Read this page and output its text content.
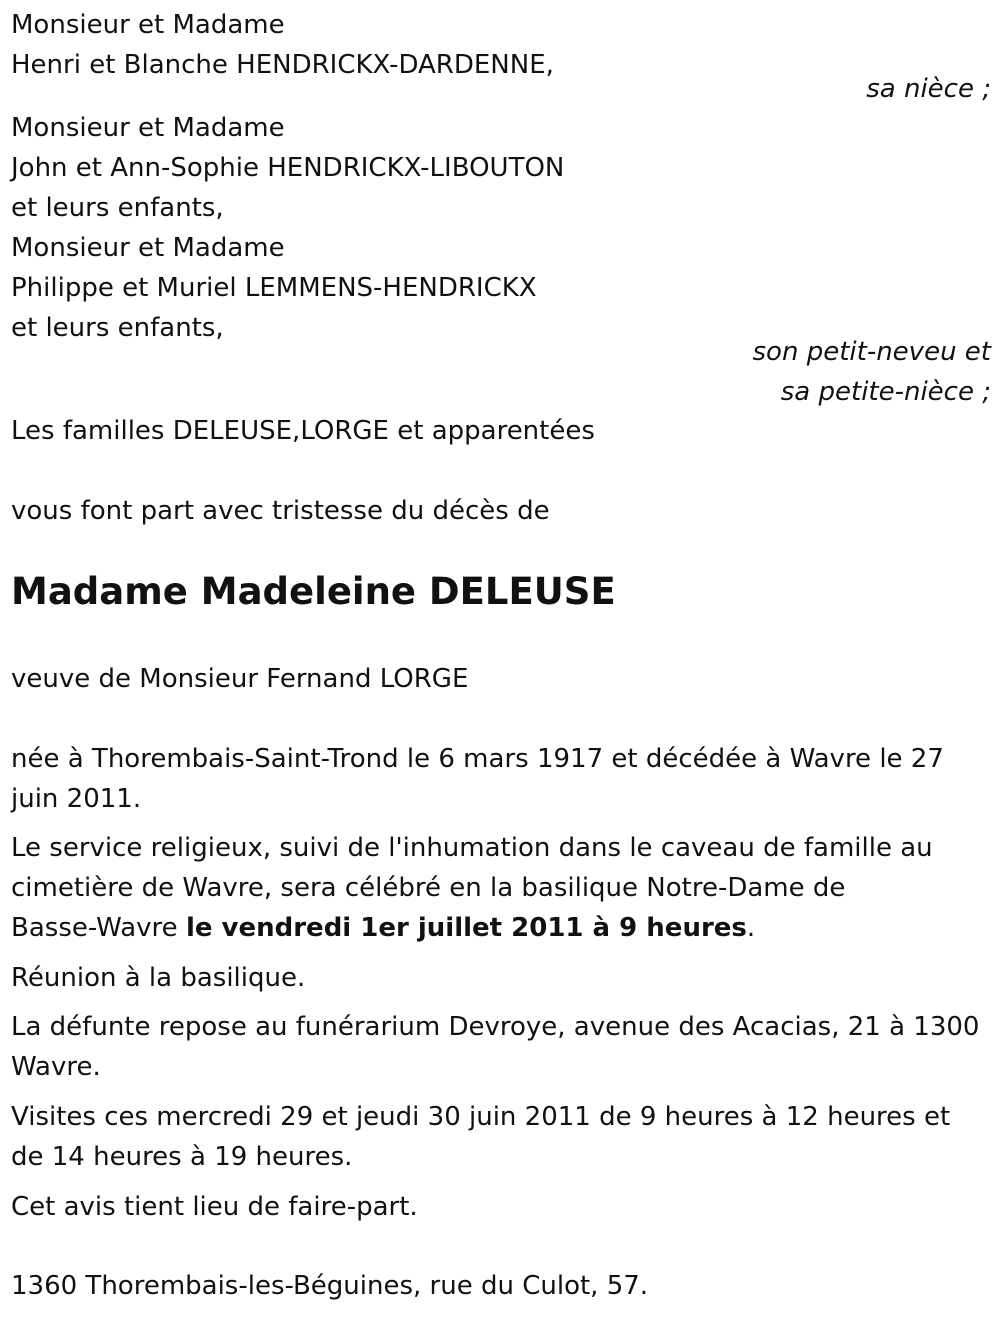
Monsieur et Madame
Henri et Blanche HENDRICKX-DARDENNE,
sa nièce ;
Monsieur et Madame
John et Ann-Sophie HENDRICKX-LIBOUTON
et leurs enfants,
Monsieur et Madame
Philippe et Muriel LEMMENS-HENDRICKX
et leurs enfants,
son petit-neveu et
sa petite-nièce ;
Les familles DELEUSE,LORGE et apparentées
vous font part avec tristesse du décès de
Madame Madeleine DELEUSE
veuve de Monsieur Fernand LORGE
née à Thorembais-Saint-Trond le 6 mars 1917 et décédée à Wavre le 27
juin 2011.
Le service religieux, suivi de l'inhumation dans le caveau de famille au
cimetière de Wavre, sera célébré en la basilique Notre-Dame de
Basse-Wavre le vendredi 1er juillet 2011 à 9 heures.
Réunion à la basilique.
La défunte repose au funérarium Devroye, avenue des Acacias, 21 à 1300
Wavre.
Visites ces mercredi 29 et jeudi 30 juin 2011 de 9 heures à 12 heures et
de 14 heures à 19 heures.
Cet avis tient lieu de faire-part.
1360 Thorembais-les-Béguines, rue du Culot, 57.
